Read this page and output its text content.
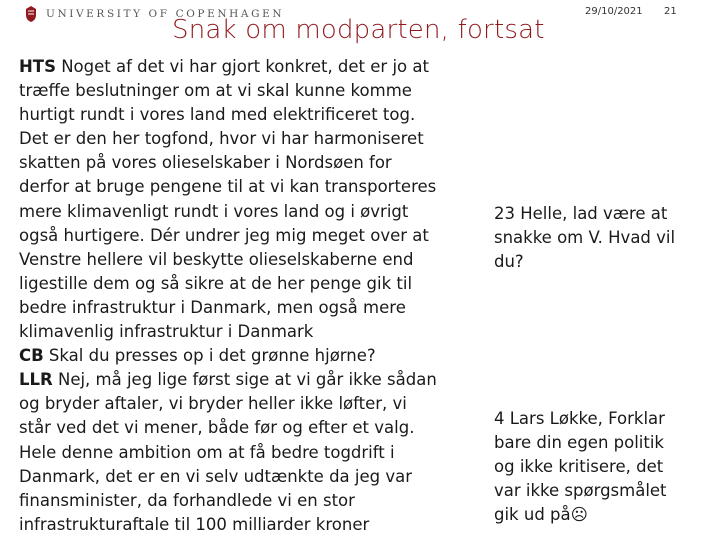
UNIVERSITY OF COPENHAGEN
Snak om modparten, fortsat
29/10/2021 21
HTS Noget af det vi har gjort konkret, det er jo at
træffe beslutninger om at vi skal kunne komme
hurtigt rundt i vores land med elektrificeret tog.
Det er den her togfond, hvor vi har harmoniseret
skatten på vores olieselskaber i Nordsøen for
derfor at bruge pengene til at vi kan transporteres
mere klimavenligt rundt i vores land og i øvrigt
også hurtigere. Dér undrer jeg mig meget over at
Venstre hellere vil beskytte olieselskaberne end
ligestille dem og så sikre at de her penge gik til
bedre infrastruktur i Danmark, men også mere
klimavenlig infrastruktur i Danmark
CB Skal du presses op i det grønne hjørne?
LLR Nej, må jeg lige først sige at vi går ikke sådan
og bryder aftaler, vi bryder heller ikke løfter, vi
står ved det vi mener, både før og efter et valg.
Hele denne ambition om at få bedre togdrift i
Danmark, det er en vi selv udtænkte da jeg var
finansminister, da forhandlede vi en stor
infrastrukturaftale til 100 milliarder kroner
23 Helle, lad være at
snakke om V. Hvad vil
du?
4 Lars Løkke, Forklar
bare din egen politik
og ikke kritisere, det
var ikke spørgsmålet
gik ud på☹
